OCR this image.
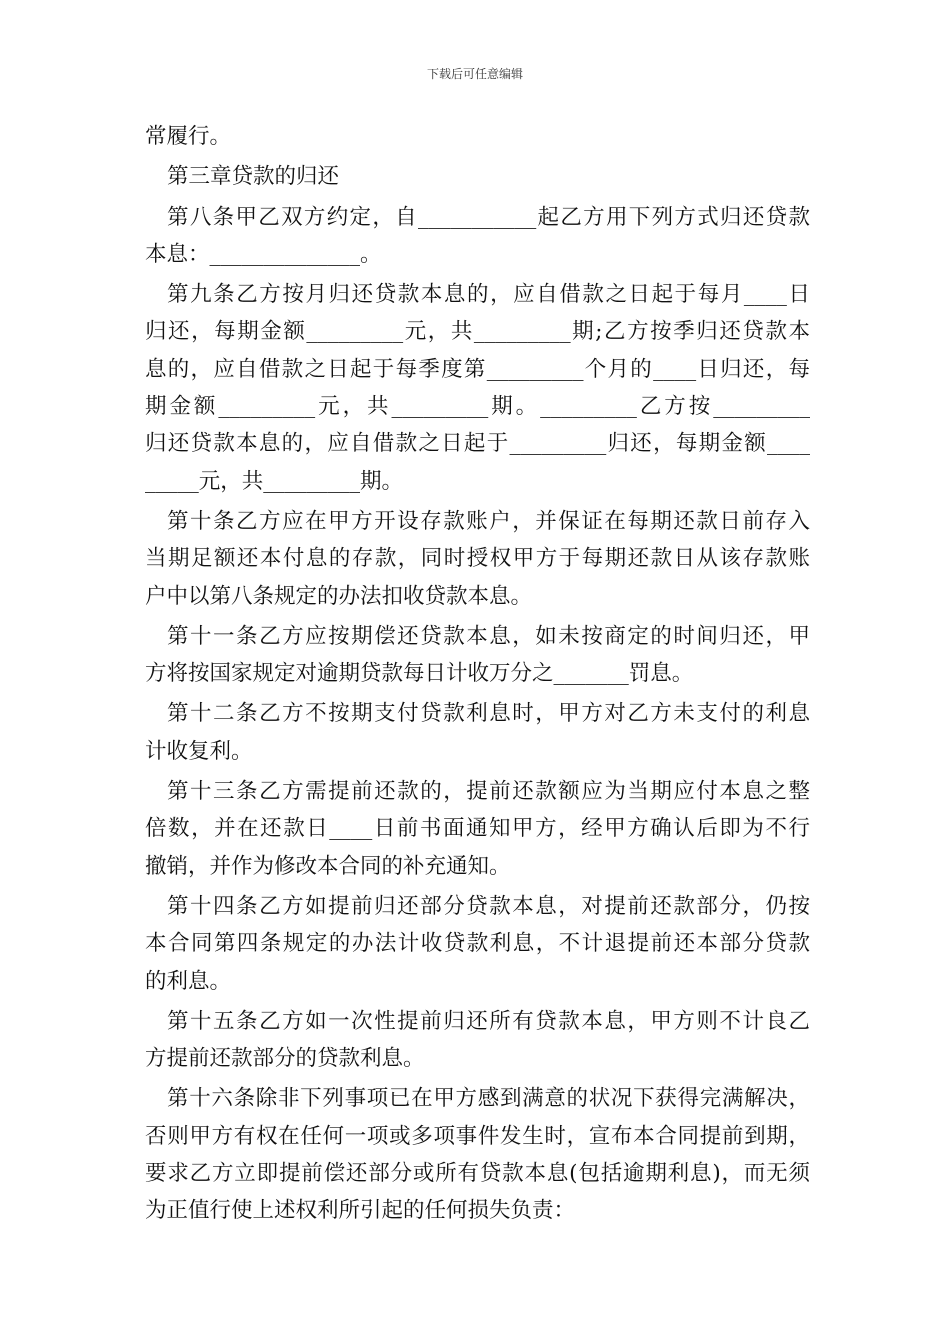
下载后可任意编辑
常履行。
第三章贷款的归还
第八条甲乙双方约定，自___________起乙方用下列方式归还贷款
本息：______________。
第九条乙方按月归还贷款本息的，应自借款之日起于每月____日
归还，每期金额_________元，共_________期;乙方按季归还贷款本
息的，应自借款之日起于每季度第_________个月的____日归还，每
期金额_________元，共_________期。_________乙方按_________
归还贷款本息的，应自借款之日起于_________归还，每期金额____
_____元，共_________期。
第十条乙方应在甲方开设存款账户，并保证在每期还款日前存入
当期足额还本付息的存款，同时授权甲方于每期还款日从该存款账
户中以第八条规定的办法扣收贷款本息。
第十一条乙方应按期偿还贷款本息，如未按商定的时间归还，甲
方将按国家规定对逾期贷款每日计收万分之_______罚息。
第十二条乙方不按期支付贷款利息时，甲方对乙方未支付的利息
计收复利。
第十三条乙方需提前还款的，提前还款额应为当期应付本息之整
倍数，并在还款日____日前书面通知甲方，经甲方确认后即为不行
撤销，并作为修改本合同的补充通知。
第十四条乙方如提前归还部分贷款本息，对提前还款部分，仍按
本合同第四条规定的办法计收贷款利息，不计退提前还本部分贷款
的利息。
第十五条乙方如一次性提前归还所有贷款本息，甲方则不计良乙
方提前还款部分的贷款利息。
第十六条除非下列事项已在甲方感到满意的状况下获得完满解决，
否则甲方有权在任何一项或多项事件发生时，宣布本合同提前到期，
要求乙方立即提前偿还部分或所有贷款本息(包括逾期利息)，而无须
为正值行使上述权利所引起的任何损失负责：
